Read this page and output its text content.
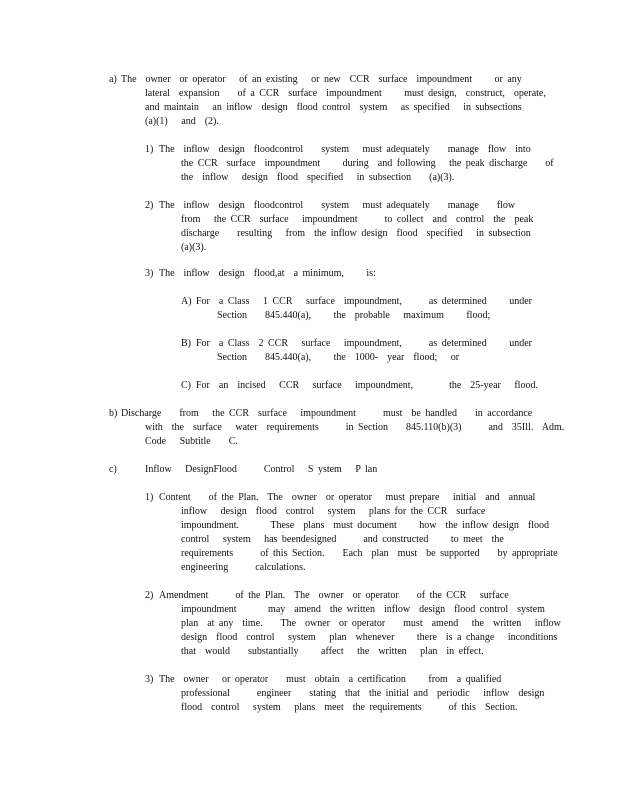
a) The  owner  or operator   of an existing   or new  CCR  surface  impoundment     or any
lateral  expansion    of a CCR  surface  impoundment     must design,  construct,  operate,
and maintain   an inflow  design  flood control  system   as specified   in subsections
(a)(1)   and  (2).
1) The  inflow  design  floodcontrol    system   must adequately    manage  flow  into
the CCR  surface  impoundment     during  and following   the peak discharge    of
the  inflow   design  flood  specified   in subsection    (a)(3).
2) The  inflow  design  floodcontrol    system   must adequately    manage    flow
from   the CCR  surface   impoundment      to collect  and  control  the  peak
discharge    resulting   from  the inflow design  flood  specified   in subsection
(a)(3).
3) The  inflow  design  flood,at  a minimum,     is:
A) For  a Class   1 CCR   surface  impoundment,      as determined     under
Section    845.440(a),     the  probable   maximum     flood;
B) For  a Class  2 CCR   surface   impoundment,      as determined     under
Section    845.440(a),     the  1000-  year  flood;   or
C) For  an  incised   CCR   surface   impoundment,        the  25-year   flood.
b) Discharge    from   the CCR  surface   impoundment      must  be handled    in accordance
with  the  surface   water  requirements      in Section    845.110(b)(3)      and  35Ill.  Adm.
Code   Subtitle    C.
c)	Inflow   DesignFlood      Control   S ystem   P lan
1) Content    of the Plan.  The  owner  or operator   must prepare   initial  and  annual
inflow   design  flood  control   system   plans for the CCR  surface
impoundment.       These  plans  must document     how  the inflow design  flood
control   system   has beendesigned      and constructed     to meet  the
requirements      of this Section.    Each  plan  must  be supported    by appropriate
engineering      calculations.
2) Amendment      of the Plan.  The  owner  or operator    of the CCR   surface
impoundment       may  amend  the written  inflow  design  flood control  system
plan  at any  time.    The  owner  or operator    must  amend   the  written   inflow
design  flood  control   system   plan  whenever     there  is a change   inconditions
that  would    substantially     affect   the  written   plan  in effect.
3) The  owner   or operator    must  obtain  a certification     from  a qualified
professional      engineer    stating  that  the initial and  periodic   inflow  design
flood  control   system   plans  meet  the requirements      of this  Section.
